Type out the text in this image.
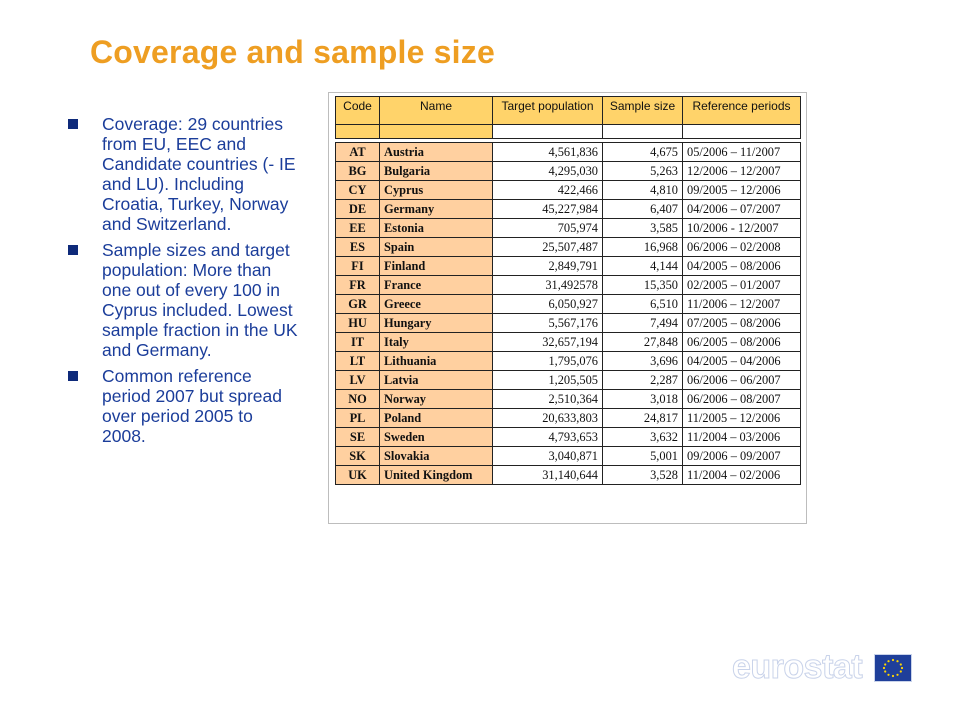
Coverage and sample size
Coverage: 29 countries from EU, EEC and Candidate countries (- IE and LU). Including Croatia, Turkey, Norway and Switzerland.
Sample sizes and target population: More than one out of every 100 in Cyprus included. Lowest sample fraction in the UK and Germany.
Common reference period 2007 but spread over period 2005 to 2008.
Code	Name	Target population	Sample size	Reference periods

AT	Austria	4,561,836	4,675	05/2006 – 11/2007
BG	Bulgaria	4,295,030	5,263	12/2006 – 12/2007
CY	Cyprus	422,466	4,810	09/2005 – 12/2006
DE	Germany	45,227,984	6,407	04/2006 – 07/2007
EE	Estonia	705,974	3,585	10/2006 - 12/2007
ES	Spain	25,507,487	16,968	06/2006 – 02/2008
FI	Finland	2,849,791	4,144	04/2005 – 08/2006
FR	France	31,492578	15,350	02/2005 – 01/2007
GR	Greece	6,050,927	6,510	11/2006 – 12/2007
HU	Hungary	5,567,176	7,494	07/2005 – 08/2006
IT	Italy	32,657,194	27,848	06/2005 – 08/2006
LT	Lithuania	1,795,076	3,696	04/2005 – 04/2006
LV	Latvia	1,205,505	2,287	06/2006 – 06/2007
NO	Norway	2,510,364	3,018	06/2006 – 08/2007
PL	Poland	20,633,803	24,817	11/2005 – 12/2006
SE	Sweden	4,793,653	3,632	11/2004 – 03/2006
SK	Slovakia	3,040,871	5,001	09/2006 – 09/2007
UK	United Kingdom	31,140,644	3,528	11/2004 – 02/2006
eurostat
